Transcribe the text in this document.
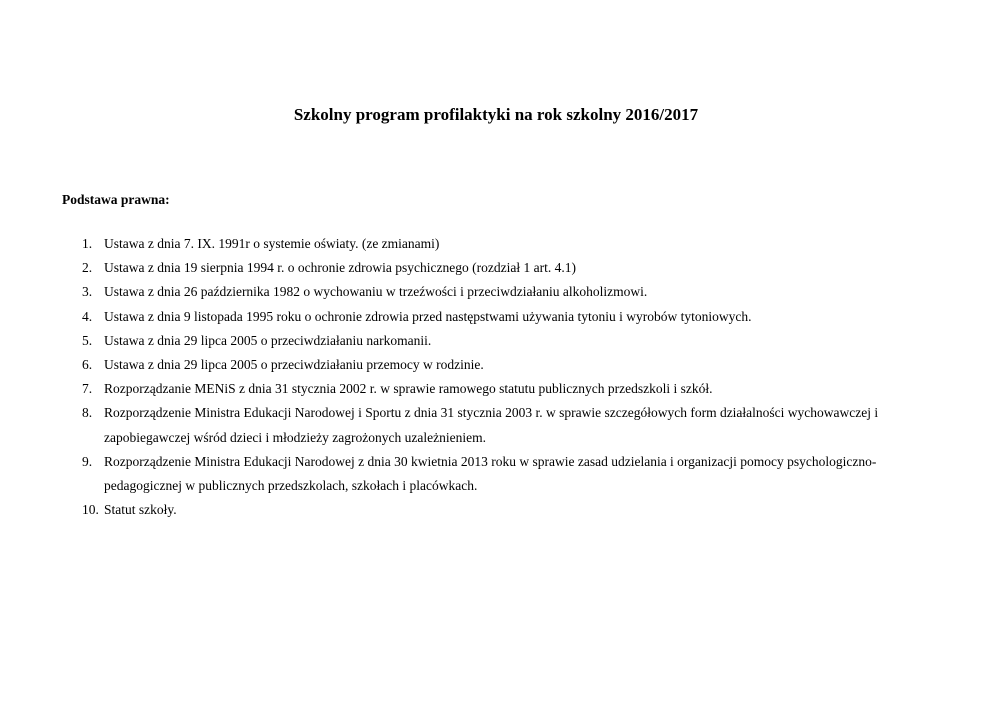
Szkolny program profilaktyki na rok szkolny 2016/2017
Podstawa prawna:
1. Ustawa z dnia 7. IX. 1991r o systemie oświaty. (ze zmianami)
2. Ustawa z dnia 19 sierpnia 1994 r. o ochronie zdrowia psychicznego (rozdział 1 art. 4.1)
3. Ustawa z dnia 26 października 1982 o wychowaniu w trzeźwości i przeciwdziałaniu alkoholizmowi.
4. Ustawa z dnia 9 listopada 1995 roku o ochronie zdrowia przed następstwami używania tytoniu i wyrobów tytoniowych.
5. Ustawa z dnia 29 lipca 2005 o przeciwdziałaniu narkomanii.
6. Ustawa z dnia 29 lipca 2005 o przeciwdziałaniu przemocy w rodzinie.
7. Rozporządzanie MENiS z dnia 31 stycznia 2002 r. w sprawie ramowego statutu publicznych przedszkoli i szkół.
8. Rozporządzenie Ministra Edukacji Narodowej i Sportu z dnia 31 stycznia 2003 r. w sprawie szczegółowych form działalności wychowawczej i zapobiegawczej wśród dzieci i młodzieży zagrożonych uzależnieniem.
9. Rozporządzenie Ministra Edukacji Narodowej z dnia 30 kwietnia 2013 roku w sprawie zasad udzielania i organizacji pomocy psychologiczno-pedagogicznej w publicznych przedszkolach, szkołach i placówkach.
10. Statut szkoły.
